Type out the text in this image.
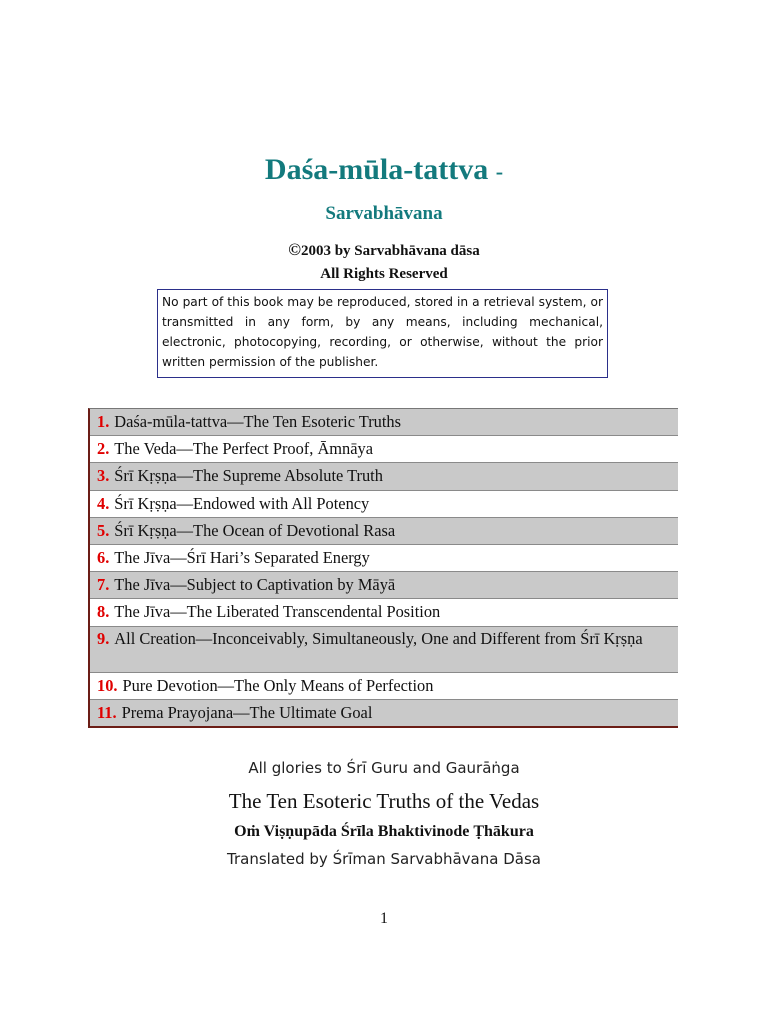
Daśa-mūla-tattva -
Sarvabhāvana
©2003 by Sarvabhāvana dāsa
All Rights Reserved
No part of this book may be reproduced, stored in a retrieval system, or transmitted in any form, by any means, including mechanical, electronic, photocopying, recording, or otherwise, without the prior written permission of the publisher.
1. Daśa-mūla-tattva—The Ten Esoteric Truths
2. The Veda—The Perfect Proof, Āmnāya
3. Śrī Kṛṣṇa—The Supreme Absolute Truth
4. Śrī Kṛṣṇa—Endowed with All Potency
5. Śrī Kṛṣṇa—The Ocean of Devotional Rasa
6. The Jīva—Śrī Hari’s Separated Energy
7. The Jīva—Subject to Captivation by Māyā
8. The Jīva—The Liberated Transcendental Position
9. All Creation—Inconceivably, Simultaneously, One and Different from Śrī Kṛṣṇa
10. Pure Devotion—The Only Means of Perfection
11. Prema Prayojana—The Ultimate Goal
All glories to Śrī Guru and Gaurāṅga
The Ten Esoteric Truths of the Vedas
Oṁ Viṣṇupāda Śrīla Bhaktivinode Ṭhākura
Translated by Śrīman Sarvabhāvana Dāsa
1
